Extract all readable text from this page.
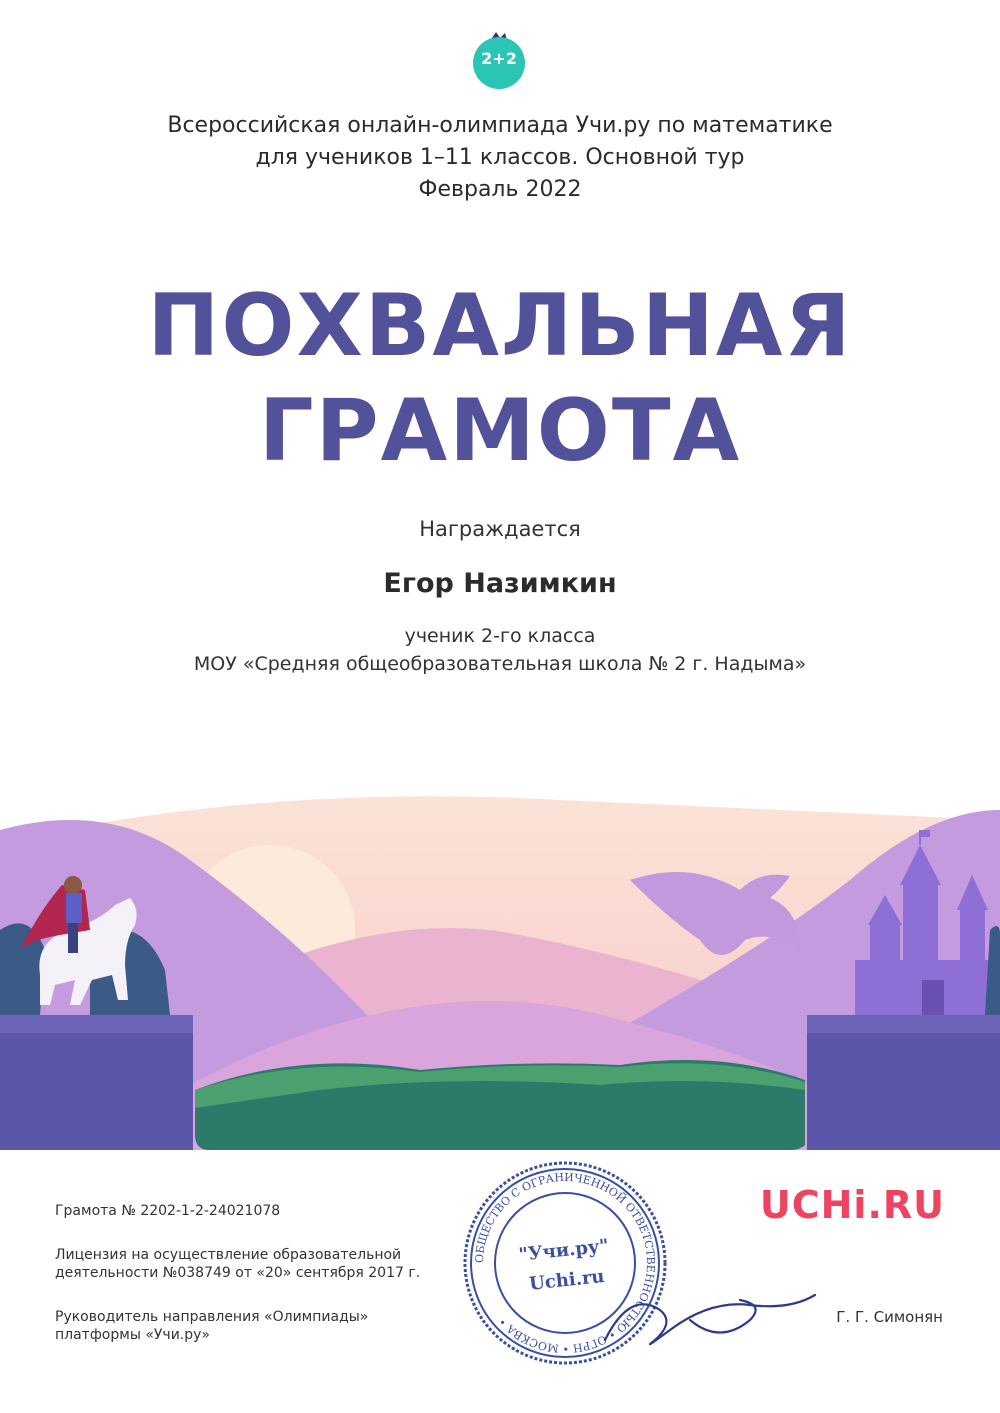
2+2
Всероссийская онлайн-олимпиада Учи.ру по математике
для учеников 1–11 классов. Основной тур
Февраль 2022
ПОХВАЛЬНАЯ
ГРАМОТА
Награждается
Егор Назимкин
ученик 2-го класса
МОУ «Средняя общеобразовательная школа № 2 г. Надыма»
Грамота № 2202-1-2-24021078
Лицензия на осуществление образовательной
деятельности №038749 от «20» сентября 2017 г.
Руководитель направления «Олимпиады»
платформы «Учи.ру»
ОБЩЕСТВО С ОГРАНИЧЕННОЙ ОТВЕТСТВЕННОСТЬЮ • ОГРН • МОСКВА •
"Учи.ру"
Uchi.ru
UCHi.RU
Г. Г. Симонян
